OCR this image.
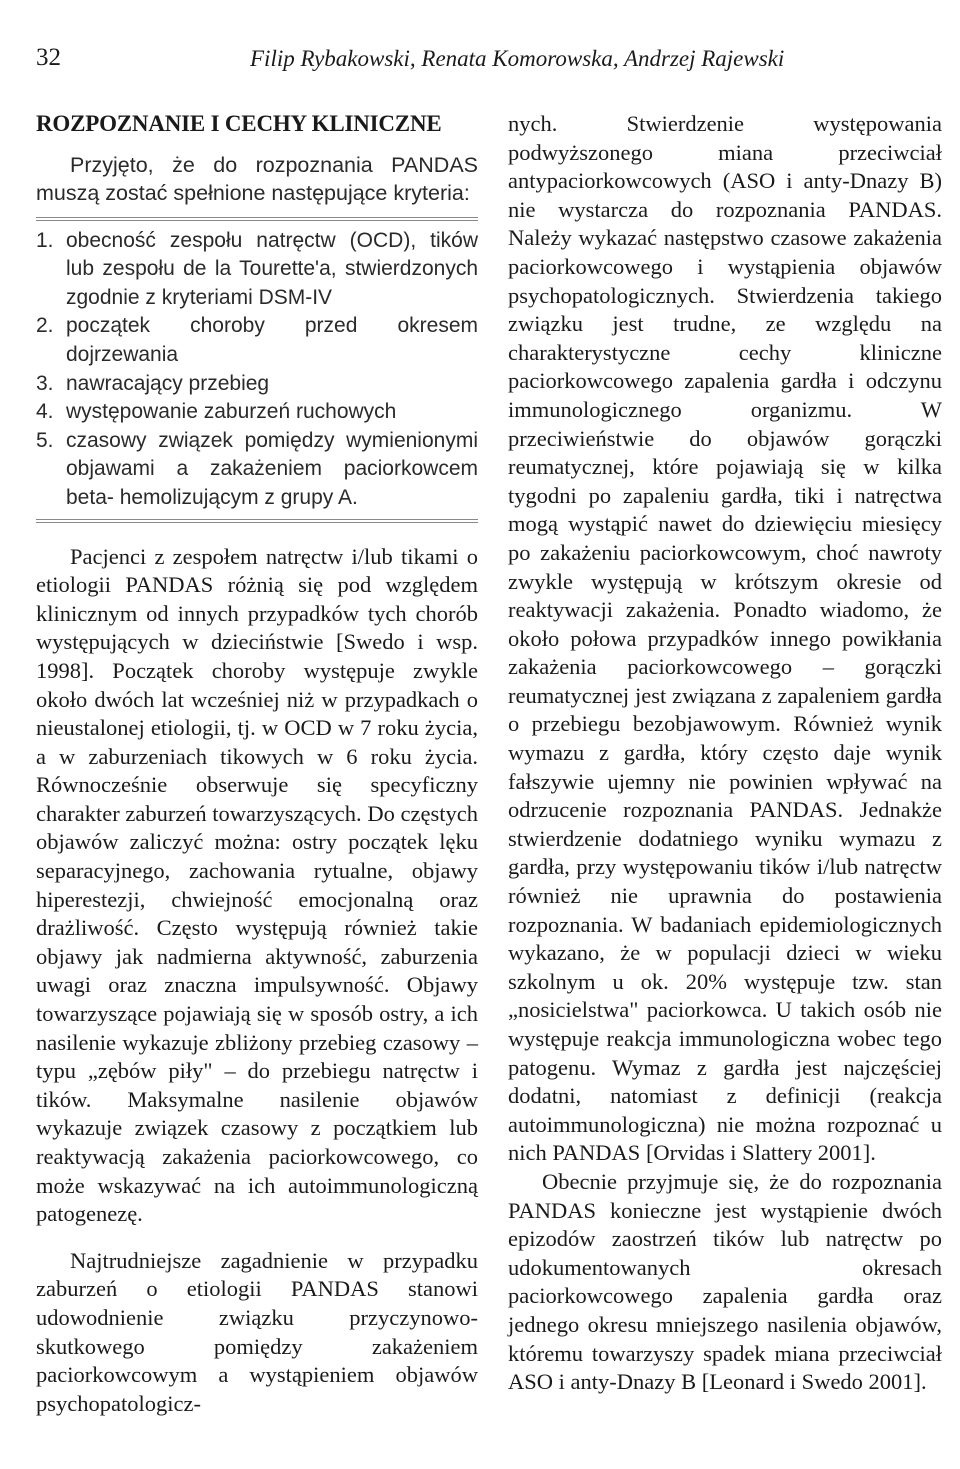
32	Filip Rybakowski, Renata Komorowska, Andrzej Rajewski
ROZPOZNANIE I CECHY KLINICZNE

Przyjęto, że do rozpoznania PANDAS muszą zostać spełnione następujące kryteria:

1. obecność zespołu natręctw (OCD), tików lub zespołu de la Tourette'a, stwierdzonych zgodnie z kryteriami DSM-IV
2. początek choroby przed okresem dojrzewania
3. nawracający przebieg
4. występowanie zaburzeń ruchowych
5. czasowy związek pomiędzy wymienionymi objawami a zakażeniem paciorkowcem beta- hemolizującym z grupy A.

Pacjenci z zespołem natręctw i/lub tikami o etiologii PANDAS różnią się pod względem klinicznym od innych przypadków tych chorób występujących w dzieciństwie [Swedo i wsp. 1998]. Początek choroby występuje zwykle około dwóch lat wcześniej niż w przypadkach o nieustalonej etiologii, tj. w OCD w 7 roku życia, a w zaburzeniach tikowych w 6 roku życia. Równocześnie obserwuje się specyficzny charakter zaburzeń towarzyszących. Do częstych objawów zaliczyć można: ostry początek lęku separacyjnego, zachowania rytualne, objawy hiperestezji, chwiejność emocjonalną oraz drażliwość. Często występują również takie objawy jak nadmierna aktywność, zaburzenia uwagi oraz znaczna impulsywność. Objawy towarzyszące pojawiają się w sposób ostry, a ich nasilenie wykazuje zbliżony przebieg czasowy – typu „zębów piły" – do przebiegu natręctw i tików. Maksymalne nasilenie objawów wykazuje związek czasowy z początkiem lub reaktywacją zakażenia paciorkowcowego, co może wskazywać na ich autoimmunologiczną patogenezę.

Najtrudniejsze zagadnienie w przypadku zaburzeń o etiologii PANDAS stanowi udowodnienie związku przyczynowo-skutkowego pomiędzy zakażeniem paciorkowcowym a wystąpieniem objawów psychopatologicz-

nych. Stwierdzenie występowania podwyższonego miana przeciwciał antypaciorkowcowych (ASO i anty-Dnazy B) nie wystarcza do rozpoznania PANDAS. Należy wykazać następstwo czasowe zakażenia paciorkowcowego i wystąpienia objawów psychopatologicznych. Stwierdzenia takiego związku jest trudne, ze względu na charakterystyczne cechy kliniczne paciorkowcowego zapalenia gardła i odczynu immunologicznego organizmu. W przeciwieństwie do objawów gorączki reumatycznej, które pojawiają się w kilka tygodni po zapaleniu gardła, tiki i natręctwa mogą wystąpić nawet do dziewięciu miesięcy po zakażeniu paciorkowcowym, choć nawroty zwykle występują w krótszym okresie od reaktywacji zakażenia. Ponadto wiadomo, że około połowa przypadków innego powikłania zakażenia paciorkowcowego – gorączki reumatycznej jest związana z zapaleniem gardła o przebiegu bezobjawowym. Również wynik wymazu z gardła, który często daje wynik fałszywie ujemny nie powinien wpływać na odrzucenie rozpoznania PANDAS. Jednakże stwierdzenie dodatniego wyniku wymazu z gardła, przy występowaniu tików i/lub natręctw również nie uprawnia do postawienia rozpoznania. W badaniach epidemiologicznych wykazano, że w populacji dzieci w wieku szkolnym u ok. 20% występuje tzw. stan „nosicielstwa" paciorkowca. U takich osób nie występuje reakcja immunologiczna wobec tego patogenu. Wymaz z gardła jest najczęściej dodatni, natomiast z definicji (reakcja autoimmunologiczna) nie można rozpoznać u nich PANDAS [Orvidas i Slattery 2001].

Obecnie przyjmuje się, że do rozpoznania PANDAS konieczne jest wystąpienie dwóch epizodów zaostrzeń tików lub natręctw po udokumentowanych okresach paciorkowcowego zapalenia gardła oraz jednego okresu mniejszego nasilenia objawów, któremu towarzyszy spadek miana przeciwciał ASO i anty-Dnazy B [Leonard i Swedo 2001].
